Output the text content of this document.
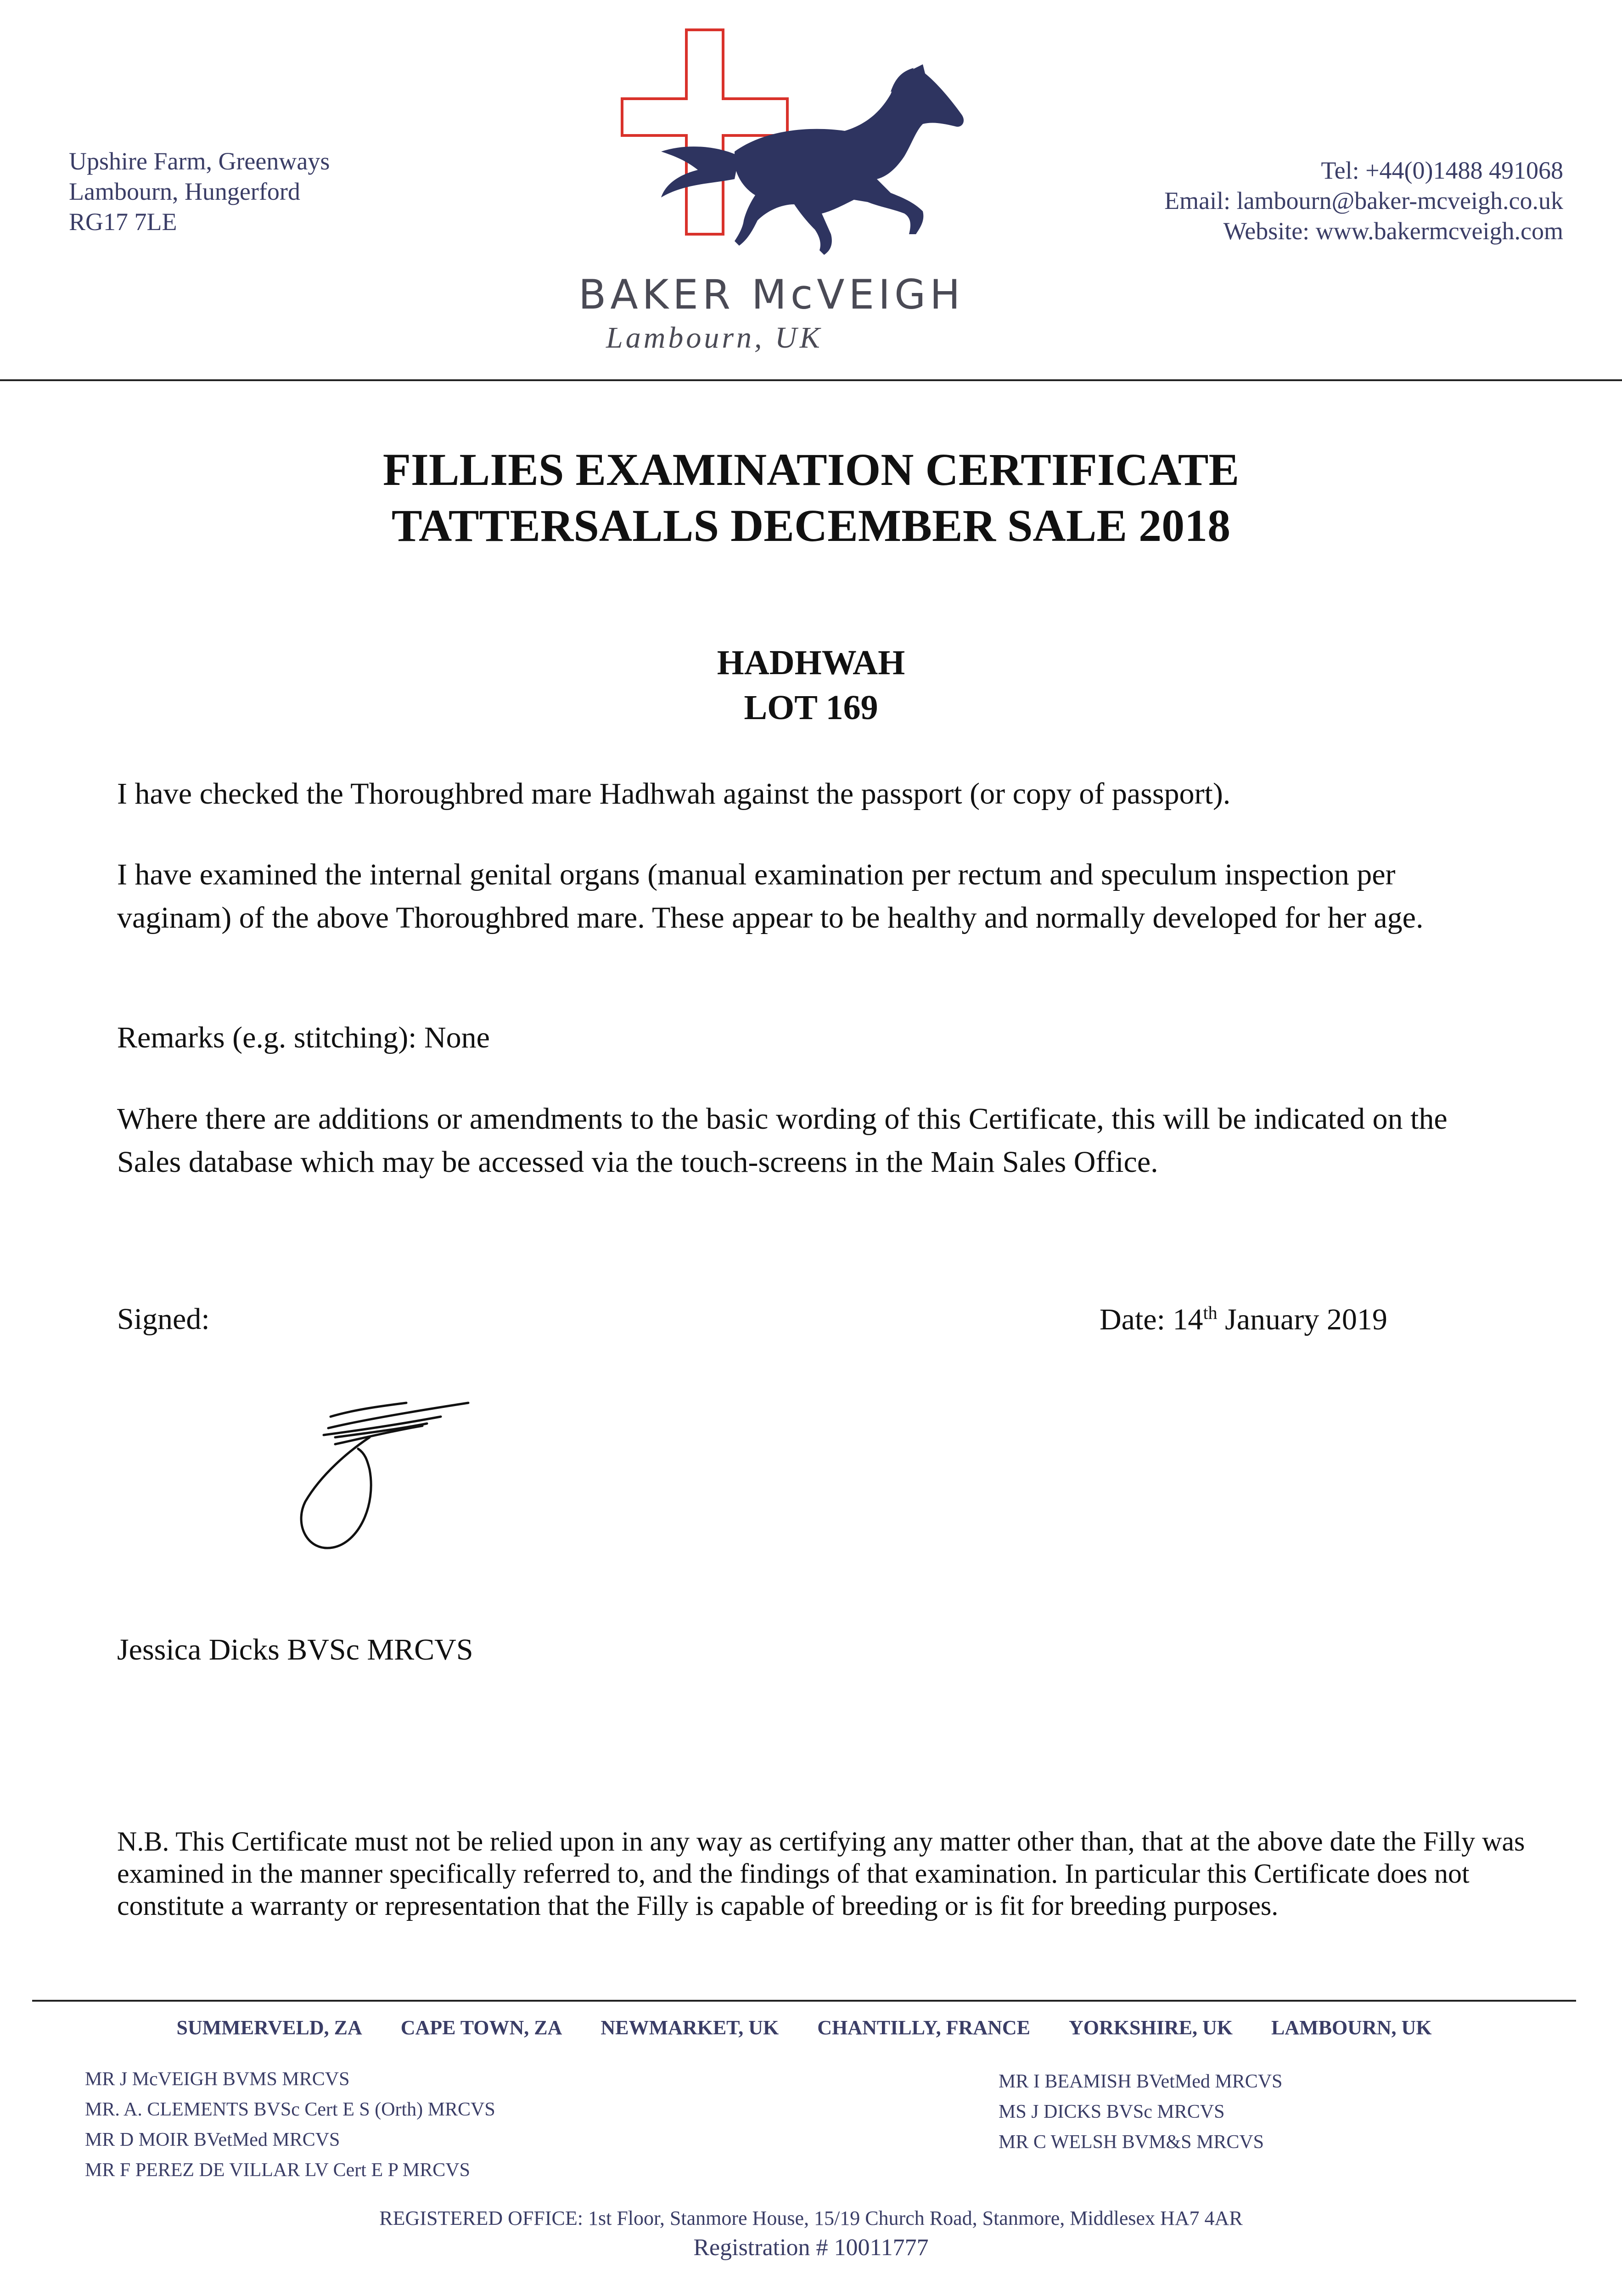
Upshire Farm, Greenways
Lambourn, Hungerford
RG17 7LE
BAKER McVEIGH
Lambourn, UK
Tel: +44(0)1488 491068
Email: lambourn@baker-mcveigh.co.uk
Website: www.bakermcveigh.com
FILLIES EXAMINATION CERTIFICATE
TATTERSALLS DECEMBER SALE 2018
HADHWAH
LOT 169
I have checked the Thoroughbred mare Hadhwah against the passport (or copy of passport).
I have examined the internal genital organs (manual examination per rectum and speculum inspection per vaginam) of the above Thoroughbred mare. These appear to be healthy and normally developed for her age.
Remarks (e.g. stitching): None
Where there are additions or amendments to the basic wording of this Certificate, this will be indicated on the Sales database which may be accessed via the touch-screens in the Main Sales Office.
Signed:	Date: 14th January 2019
Jessica Dicks BVSc MRCVS
N.B. This Certificate must not be relied upon in any way as certifying any matter other than, that at the above date the Filly was examined in the manner specifically referred to, and the findings of that examination. In particular this Certificate does not constitute a warranty or representation that the Filly is capable of breeding or is fit for breeding purposes.
SUMMERVELD, ZA CAPE TOWN, ZA NEWMARKET, UK CHANTILLY, FRANCE YORKSHIRE, UK LAMBOURN, UK
MR J McVEIGH BVMS MRCVS
MR. A. CLEMENTS BVSc Cert E S (Orth) MRCVS
MR D MOIR BVetMed MRCVS
MR F PEREZ DE VILLAR LV Cert E P MRCVS
MR I BEAMISH BVetMed MRCVS
MS J DICKS BVSc MRCVS
MR C WELSH BVM&S MRCVS
REGISTERED OFFICE: 1st Floor, Stanmore House, 15/19 Church Road, Stanmore, Middlesex HA7 4AR
Registration # 10011777
